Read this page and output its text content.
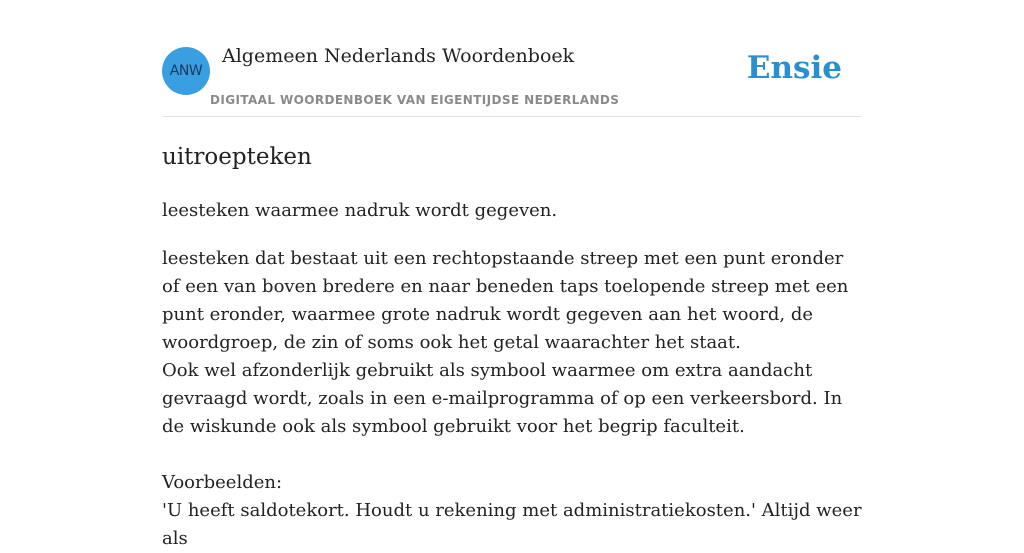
ANW
Algemeen Nederlands Woordenboek
DIGITAAL WOORDENBOEK VAN EIGENTIJDSE NEDERLANDS
Ensie
uitroepteken
leesteken waarmee nadruk wordt gegeven.

leesteken dat bestaat uit een rechtopstaande streep met een punt eronder of een van boven bredere en naar beneden taps toelopende streep met een punt eronder, waarmee grote nadruk wordt gegeven aan het woord, de woordgroep, de zin of soms ook het getal waarachter het staat.

Ook wel afzonderlijk gebruikt als symbool waarmee om extra aandacht gevraagd wordt, zoals in een e-mailprogramma of op een verkeersbord. In de wiskunde ook als symbool gebruikt voor het begrip faculteit.

Voorbeelden:

'U heeft saldotekort. Houdt u rekening met administratiekosten.' Altijd weer als
